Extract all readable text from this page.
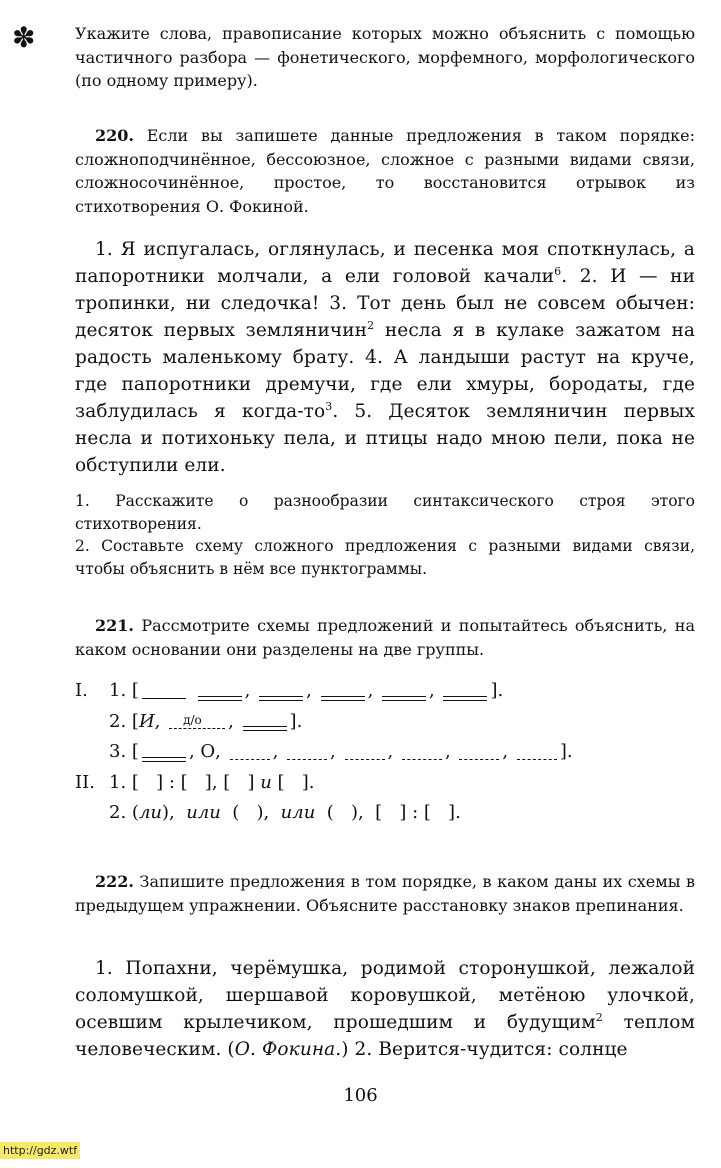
✽ Укажите слова, правописание которых можно объяснить с помощью частичного разбора — фонетического, морфемного, морфологического (по одному примеру).
220. Если вы запишете данные предложения в таком порядке: сложноподчинённое, бессоюзное, сложное с разными видами связи, сложносочинённое, простое, то восстановится отрывок из стихотворения О. Фокиной.
1. Я испугалась, оглянулась, и песенка моя споткнулась, а папоротники молчали, а ели головой качали$^6$. 2. И — ни тропинки, ни следочка! 3. Тот день был не совсем обычен: десяток первых земляничин$^2$ несла я в кулаке зажатом на радость маленькому брату. 4. А ландыши растут на круче, где папоротники дремучи, где ели хмуры, бородаты, где заблудилась я когда-$то^3$. 5. Десяток земляничин первых несла и потихоньку пела, и птицы надо мною пели, пока не обступили ели.
1. Расскажите о разнообразии синтаксического строя этого стихотворения.
2. Составьте схему сложного предложения с разными видами связи, чтобы объяснить в нём все пунктограммы.
221. Рассмотрите схемы предложений и попытайтесь объяснить, на каком основании они разделены на две группы.
I. 1. [	,	,	,	,	].
2. [И, д/о ,	].
3. [	, О,	,	,	,	,	,	].
II. 1. [   ] : [   ], [   ] и [   ].
2. (ли),  или  (   ),  или  (   ),  [   ] : [   ].
222. Запишите предложения в том порядке, в каком даны их схемы в предыдущем упражнении. Объясните расстановку знаков препинания.
1. Попахни, черёмушка, родимой сторонушкой, лежалой соломушкой, шершавой коровушкой, метёною улочкой, осевшим крылечиком, прошедшим и будущим$^2$ теплом человеческим. (О. Фокина.) 2. Верится-чудится: солнце
106
http://gdz.wtf
